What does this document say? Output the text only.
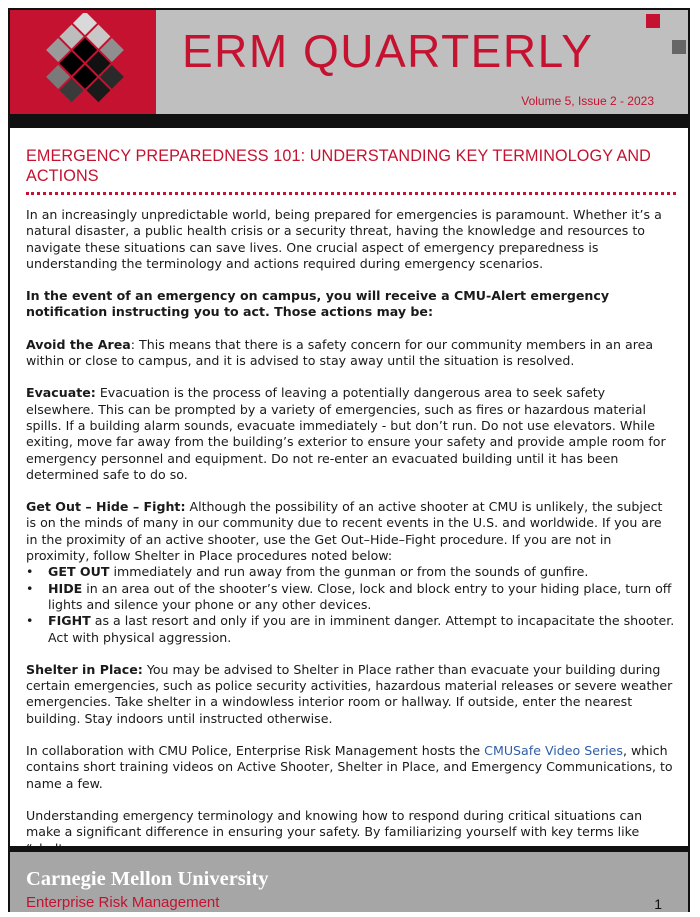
ERM QUARTERLY
Volume 5, Issue 2 - 2023
EMERGENCY PREPAREDNESS 101: UNDERSTANDING KEY TERMINOLOGY AND ACTIONS

In an increasingly unpredictable world, being prepared for emergencies is paramount. Whether it’s a natural disaster, a public health crisis or a security threat, having the knowledge and resources to navigate these situations can save lives. One crucial aspect of emergency preparedness is understanding the terminology and actions required during emergency scenarios.

In the event of an emergency on campus, you will receive a CMU-Alert emergency notification instructing you to act. Those actions may be:

Avoid the Area: This means that there is a safety concern for our community members in an area within or close to campus, and it is advised to stay away until the situation is resolved.

Evacuate: Evacuation is the process of leaving a potentially dangerous area to seek safety elsewhere. This can be prompted by a variety of emergencies, such as fires or hazardous material spills. If a building alarm sounds, evacuate immediately - but don’t run. Do not use elevators. While exiting, move far away from the building’s exterior to ensure your safety and provide ample room for emergency personnel and equipment. Do not re-enter an evacuated building until it has been determined safe to do so.

Get Out – Hide – Fight: Although the possibility of an active shooter at CMU is unlikely, the subject is on the minds of many in our community due to recent events in the U.S. and worldwide. If you are in the proximity of an active shooter, use the Get Out–Hide–Fight procedure. If you are not in proximity, follow Shelter in Place procedures noted below:
• GET OUT immediately and run away from the gunman or from the sounds of gunfire.
• HIDE in an area out of the shooter’s view. Close, lock and block entry to your hiding place, turn off lights and silence your phone or any other devices.
• FIGHT as a last resort and only if you are in imminent danger. Attempt to incapacitate the shooter. Act with physical aggression.

Shelter in Place: You may be advised to Shelter in Place rather than evacuate your building during certain emergencies, such as police security activities, hazardous material releases or severe weather emergencies. Take shelter in a windowless interior room or hallway. If outside, enter the nearest building. Stay indoors until instructed otherwise.

In collaboration with CMU Police, Enterprise Risk Management hosts the CMUSafe Video Series, which contains short training videos on Active Shooter, Shelter in Place, and Emergency Communications, to name a few.

Understanding emergency terminology and knowing how to respond during critical situations can make a significant difference in ensuring your safety. By familiarizing yourself with key terms like

Carnegie Mellon University
Enterprise Risk Management	1
